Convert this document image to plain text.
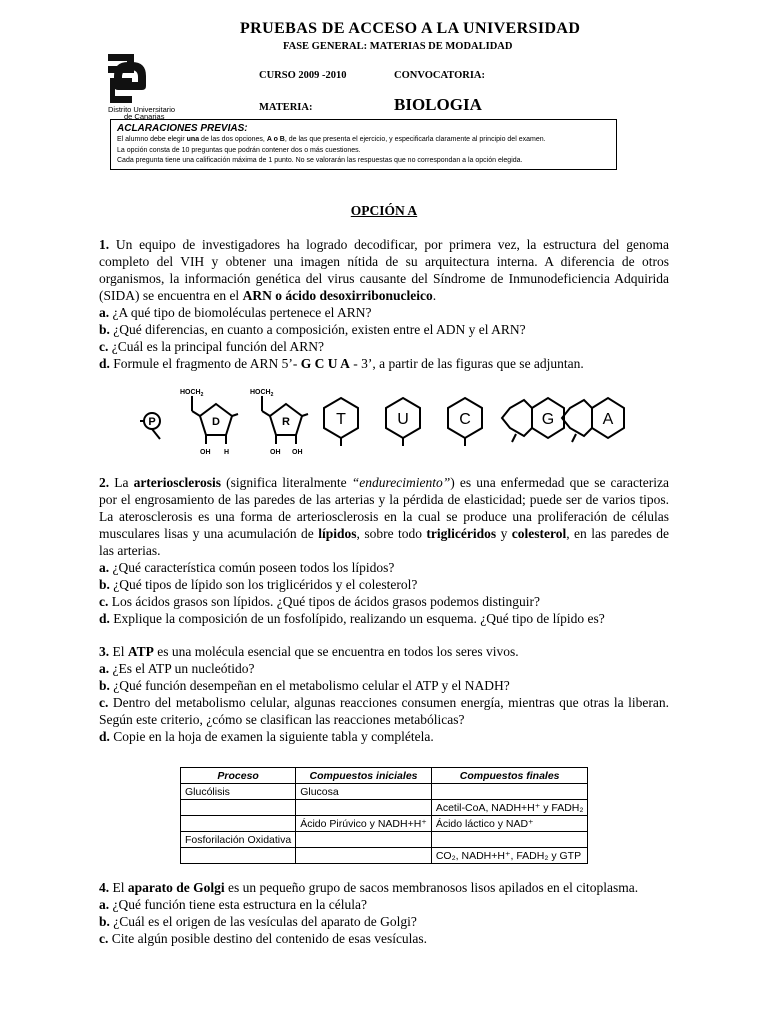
Distrito Universitario
de Canarias
PRUEBAS DE ACCESO A LA UNIVERSIDAD
FASE GENERAL: MATERIAS DE MODALIDAD
CURSO 2009 -2010	CONVOCATORIA:
MATERIA:	BIOLOGIA
ACLARACIONES PREVIAS:

El alumno debe elegir una de las dos opciones, A o B, de las que presenta el ejercicio, y especificarla claramente al principio del examen.

La opción consta de 10 preguntas que podrán contener dos o más cuestiones.

Cada pregunta tiene una calificación máxima de 1 punto. No se valorarán las respuestas que no correspondan a la opción elegida.

OPCIÓN A

1. Un equipo de investigadores ha logrado decodificar, por primera vez, la estructura del genoma completo del VIH y obtener una imagen nítida de su arquitectura interna. A diferencia de otros organismos, la información genética del virus causante del Síndrome de Inmunodeficiencia Adquirida (SIDA) se encuentra en el ARN o ácido desoxirribonucleico.

a. ¿A qué tipo de biomoléculas pertenece el ARN?

b. ¿Qué diferencias, en cuanto a composición, existen entre el ADN y el ARN?

c. ¿Cuál es la principal función del ARN?

d. Formule el fragmento de ARN 5’- G C U A - 3’, a partir de las figuras que se adjuntan.

P	D	R
$HOCH_2$	$HOCH_2$
OH H	OH OH
T	U	C	G	A

2. La arteriosclerosis (significa literalmente “endurecimiento”) es una enfermedad que se caracteriza por el engrosamiento de las paredes de las arterias y la pérdida de elasticidad; puede ser de varios tipos. La aterosclerosis es una forma de arteriosclerosis en la cual se produce una proliferación de células musculares lisas y una acumulación de lípidos, sobre todo triglicéridos y colesterol, en las paredes de las arterias.

a. ¿Qué característica común poseen todos los lípidos?

b. ¿Qué tipos de lípido son los triglicéridos y el colesterol?

c. Los ácidos grasos son lípidos. ¿Qué tipos de ácidos grasos podemos distinguir?

d. Explique la composición de un fosfolípido, realizando un esquema. ¿Qué tipo de lípido es?

3. El ATP es una molécula esencial que se encuentra en todos los seres vivos.

a. ¿Es el ATP un nucleótido?

b. ¿Qué función desempeñan en el metabolismo celular el ATP y el NADH?

c. Dentro del metabolismo celular, algunas reacciones consumen energía, mientras que otras la liberan. Según este criterio, ¿cómo se clasifican las reacciones metabólicas?

d. Copie en la hoja de examen la siguiente tabla y complétela.

Proceso	Compuestos iniciales	Compuestos finales
Glucólisis	Glucosa	
		Acetil-CoA, NADH+H⁺ y FADH₂
	Ácido Pirúvico y NADH+H⁺	Ácido láctico y NAD⁺
Fosforilación Oxidativa		
		CO₂, NADH+H⁺, FADH₂ y GTP

4. El aparato de Golgi es un pequeño grupo de sacos membranosos lisos apilados en el citoplasma.

a. ¿Qué función tiene esta estructura en la célula?

b. ¿Cuál es el origen de las vesículas del aparato de Golgi?

c. Cite algún posible destino del contenido de esas vesículas.
